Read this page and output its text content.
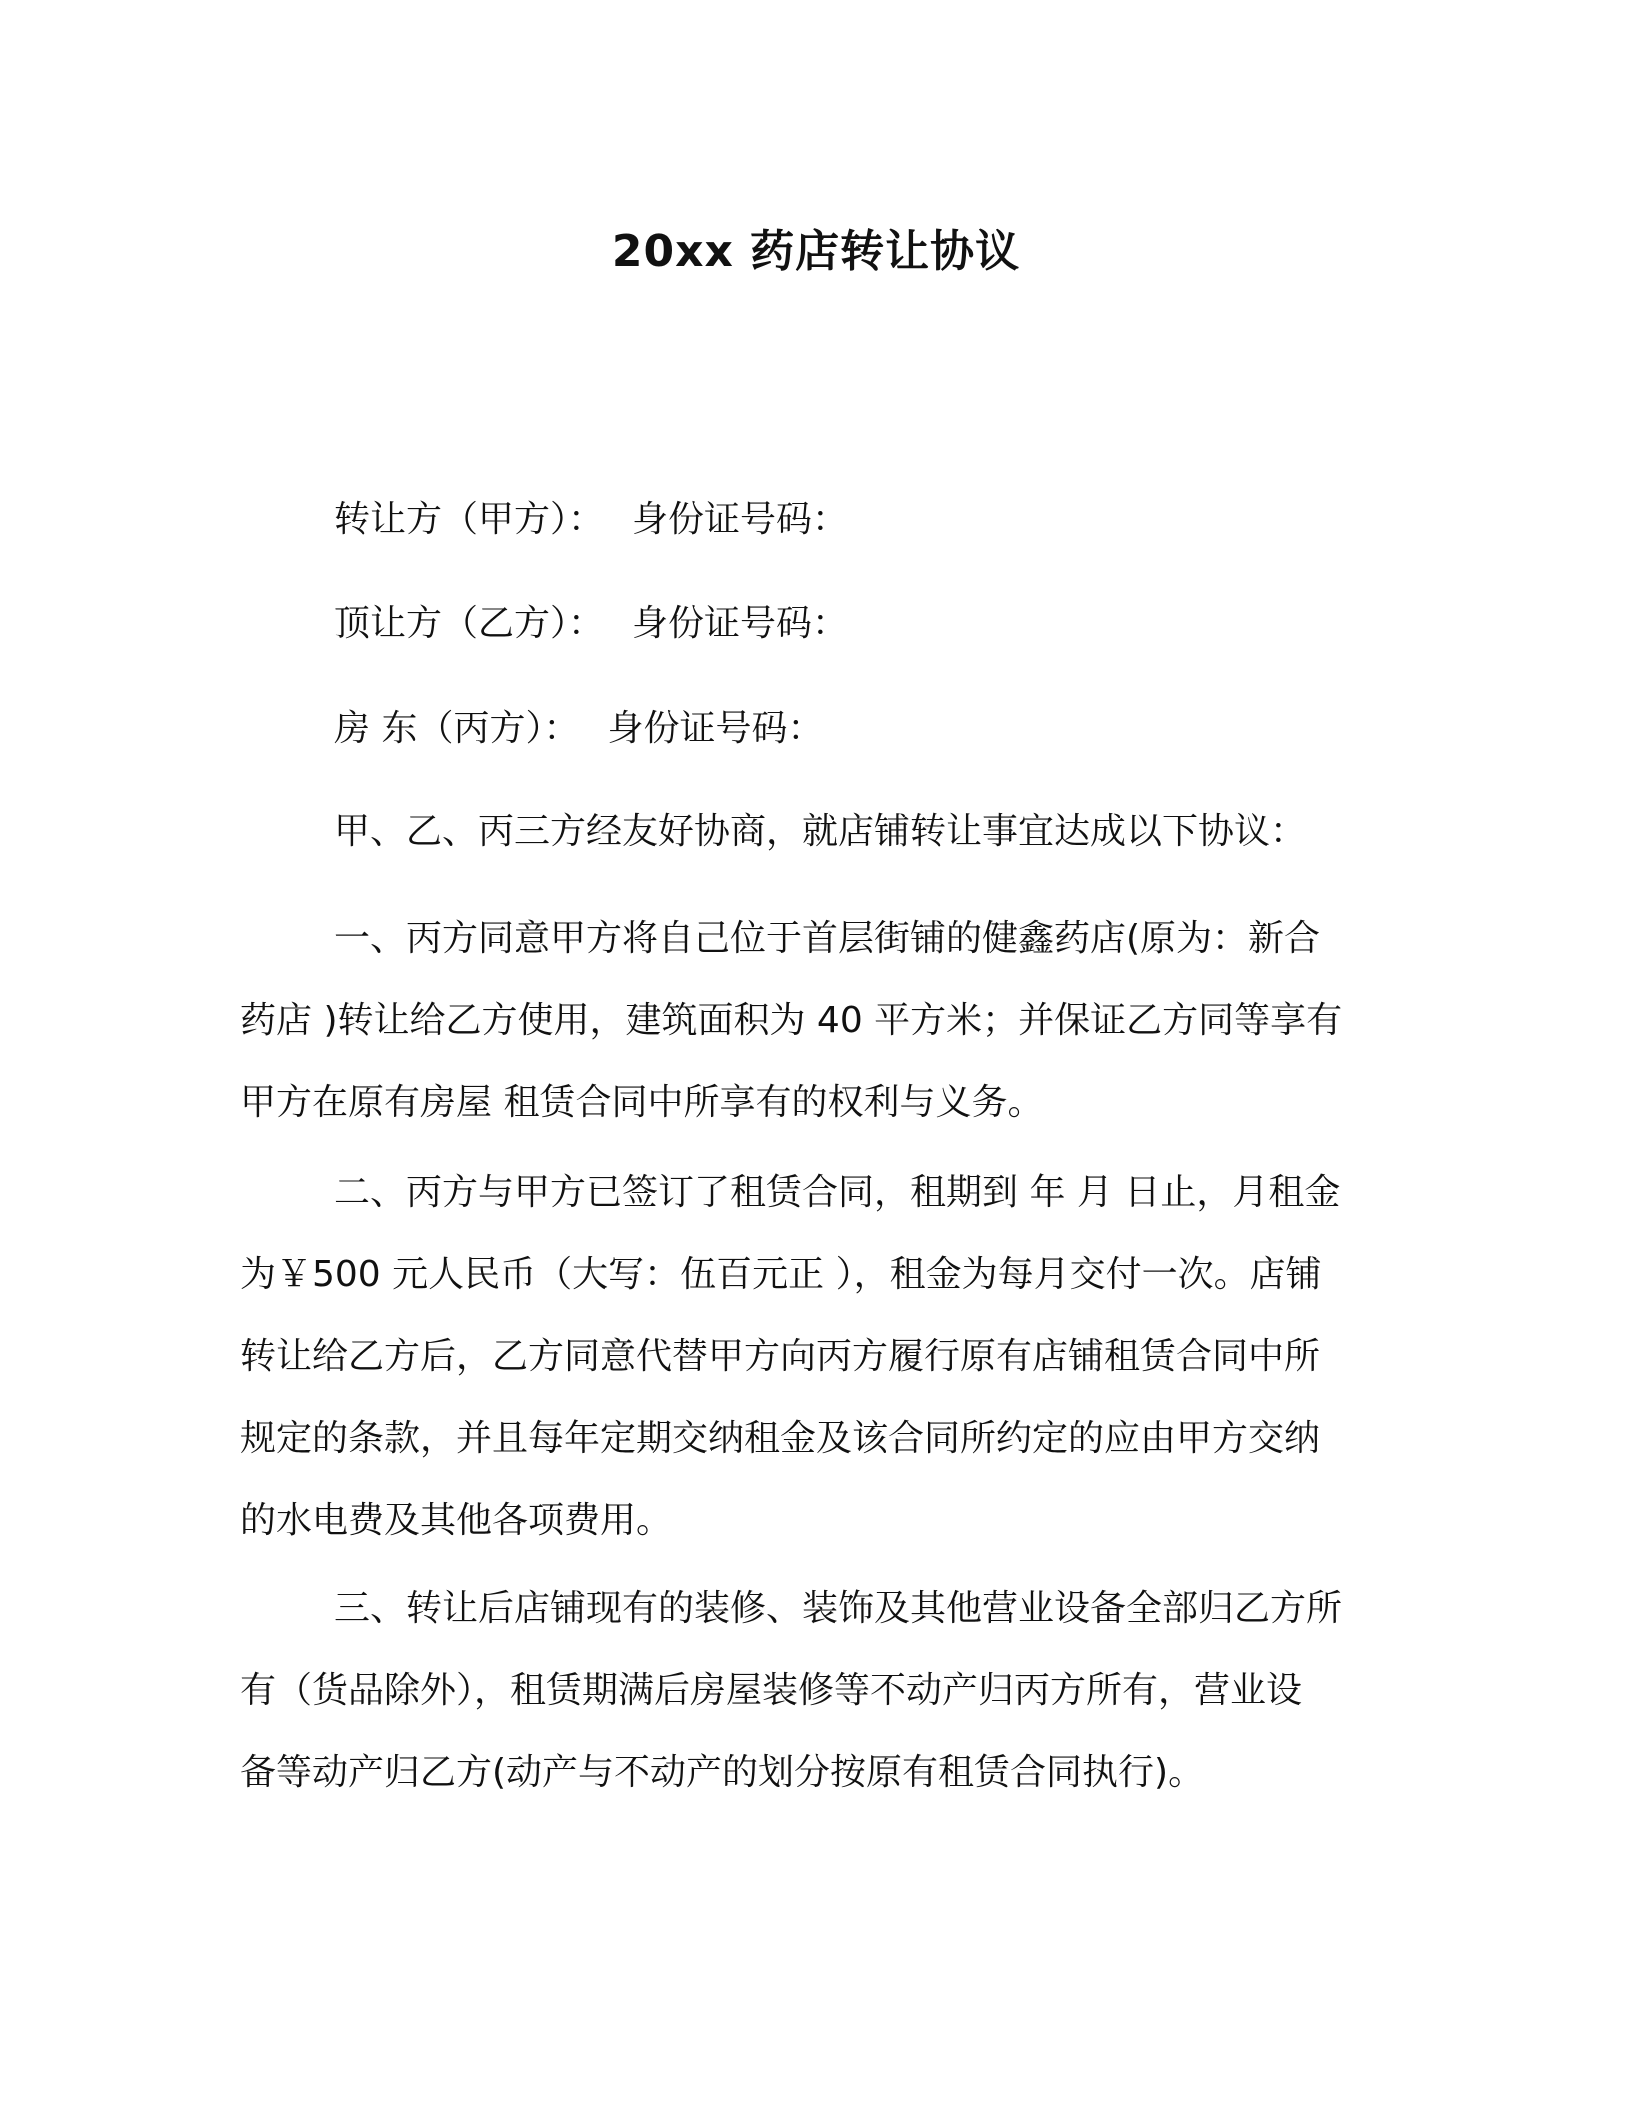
20xx 药店转让协议
转让方（甲方）： 身份证号码：
顶让方（乙方）： 身份证号码：
房 东（丙方）： 身份证号码：
甲、乙、丙三方经友好协商，就店铺转让事宜达成以下协议：
一、丙方同意甲方将自己位于首层街铺的健鑫药店(原为：新合
药店 )转让给乙方使用，建筑面积为 40 平方米；并保证乙方同等享有
甲方在原有房屋 租赁合同中所享有的权利与义务。
二、丙方与甲方已签订了租赁合同，租期到 年 月 日止，月租金
为￥500 元人民币（大写：伍百元正 ），租金为每月交付一次。店铺
转让给乙方后，乙方同意代替甲方向丙方履行原有店铺租赁合同中所
规定的条款，并且每年定期交纳租金及该合同所约定的应由甲方交纳
的水电费及其他各项费用。
三、转让后店铺现有的装修、装饰及其他营业设备全部归乙方所
有（货品除外），租赁期满后房屋装修等不动产归丙方所有，营业设
备等动产归乙方(动产与不动产的划分按原有租赁合同执行)。
